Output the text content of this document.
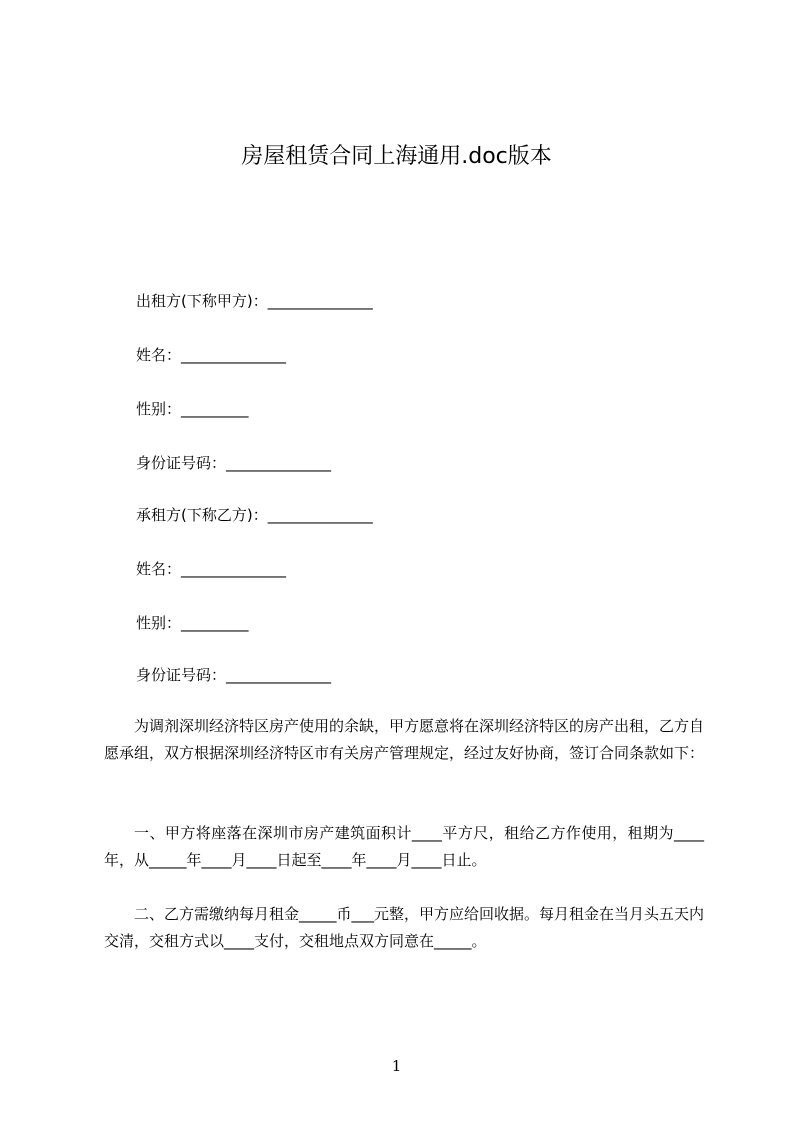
房屋租赁合同上海通用.doc版本
出租方(下称甲方)：______________
姓名：______________
性别：_________
身份证号码：______________
承租方(下称乙方)：______________
姓名：______________
性别：_________
身份证号码：______________
为调剂深圳经济特区房产使用的余缺，甲方愿意将在深圳经济特区的房产出租，乙方自愿承组，双方根据深圳经济特区市有关房产管理规定，经过友好协商，签订合同条款如下：
一、甲方将座落在深圳市房产建筑面积计____平方尺，租给乙方作使用，租期为____年，从_____年____月____日起至____年____月____日止。
二、乙方需缴纳每月租金_____币___元整，甲方应给回收据。每月租金在当月头五天内交清，交租方式以____支付，交租地点双方同意在_____。
1
